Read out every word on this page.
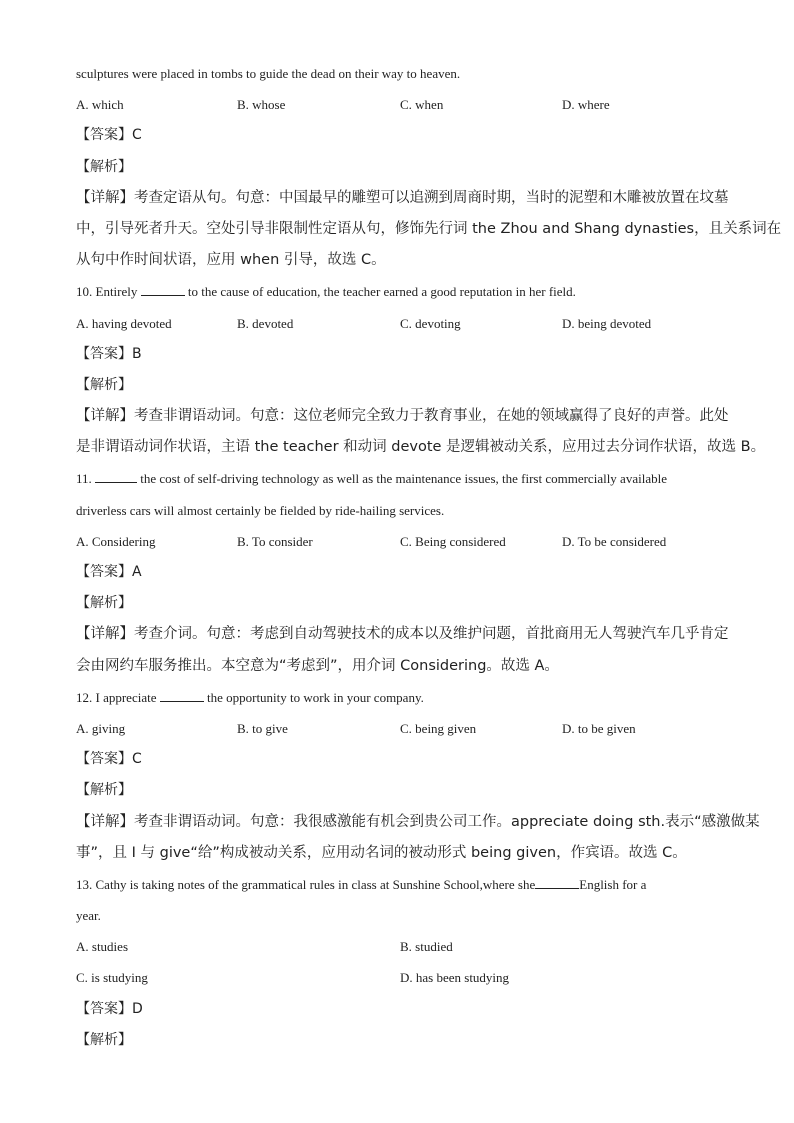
sculptures were placed in tombs to guide the dead on their way to heaven.
A. which	B. whose	C. when	D. where
【答案】C
【解析】
【详解】考查定语从句。句意：中国最早的雕塑可以追溯到周商时期，当时的泥塑和木雕被放置在坟墓
中，引导死者升天。空处引导非限制性定语从句，修饰先行词 the Zhou and Shang dynasties，且关系词在
从句中作时间状语，应用 when 引导，故选 C。
10. Entirely	to the cause of education, the teacher earned a good reputation in her field.
A. having devoted	B. devoted	C. devoting	D. being devoted
【答案】B
【解析】
【详解】考查非谓语动词。句意：这位老师完全致力于教育事业，在她的领域赢得了良好的声誉。此处
是非谓语动词作状语，主语 the teacher 和动词 devote 是逻辑被动关系，应用过去分词作状语，故选 B。
11.	the cost of self-driving technology as well as the maintenance issues, the first commercially available
driverless cars will almost certainly be fielded by ride-hailing services.
A. Considering	B. To consider	C. Being considered	D. To be considered
【答案】A
【解析】
【详解】考查介词。句意：考虑到自动驾驶技术的成本以及维护问题，首批商用无人驾驶汽车几乎肯定
会由网约车服务推出。本空意为“考虑到”，用介词 Considering。故选 A。
12. I appreciate	the opportunity to work in your company.
A. giving	B. to give	C. being given	D. to be given
【答案】C
【解析】
【详解】考查非谓语动词。句意：我很感激能有机会到贵公司工作。appreciate doing sth.表示“感激做某
事”，且 I 与 give“给”构成被动关系，应用动名词的被动形式 being given，作宾语。故选 C。
13. Cathy is taking notes of the grammatical rules in class at Sunshine School,where she	English for a
year.
A. studies	B. studied
C. is studying	D. has been studying
【答案】D
【解析】
